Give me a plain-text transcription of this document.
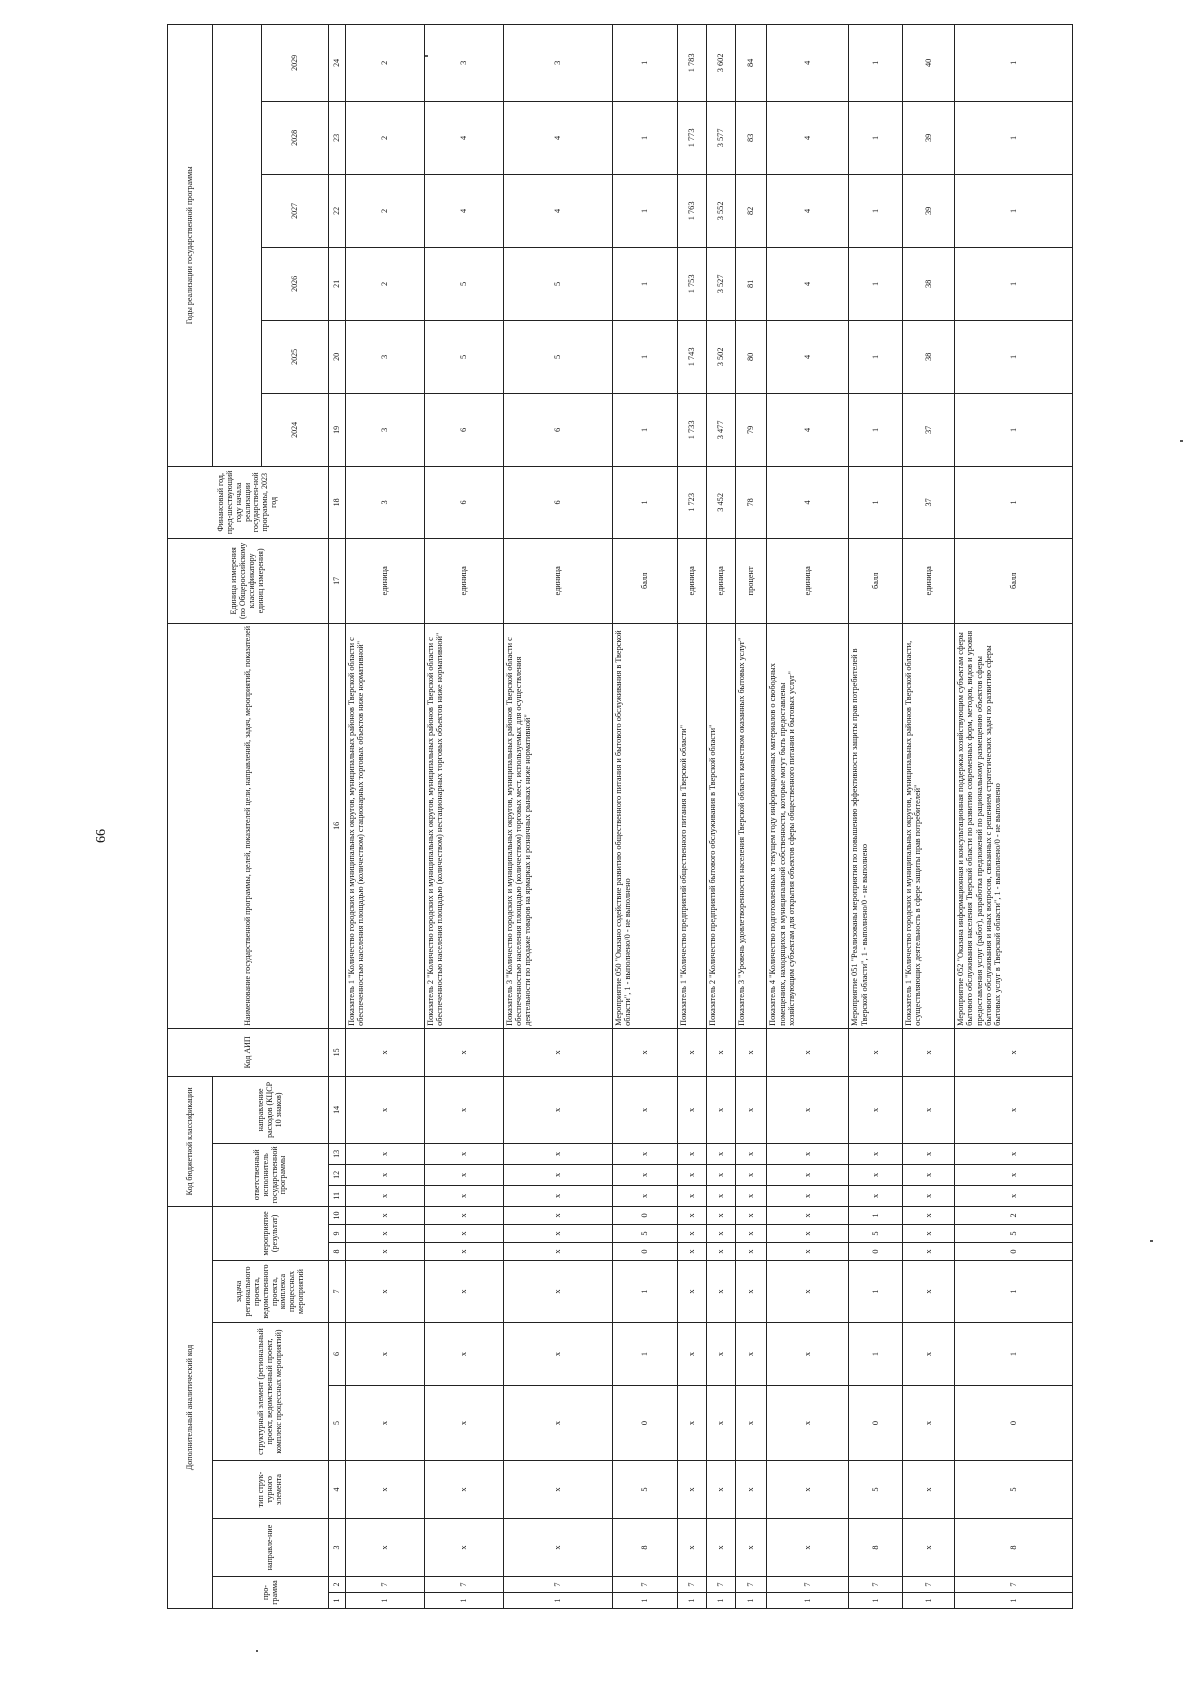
66
Дополнительный аналитический код										Код бюджетной классификации				Код АИП	Наименование государственной программы, целей, показателей цели, направлений, задач, мероприятий, показателей	Единица измерения (по Общероссийскому классификатору единиц измерения)	Финансовый год, пред-шествующий году начала реализации государствен-ной программы, 2023 год	Годы реализации государственной программы					
про-грамма		направле-ние	тип струк-турного элемента	структурный элемент (региональный проект, ведомственный проект, комплекс процессных мероприятий)		задача регионального проекта, ведомственного проекта, комплекса процессных мероприятий	мероприятие (результат)			ответственный исполнитель государственной программы			направление расходов (КЦСР 10 знаков)										
																		2024	2025	2026	2027	2028	2029
1	2	3	4	5	6	7	8	9	10	11	12	13	14	15	16	17	18	19	20	21	22	23	24
1	7	x	x	x	x	x	x	x	x	x	x	x	x	x	Показатель 1 "Количество городских и муниципальных округов, муниципальных районов Тверской области с обеспеченностью населения площадью (количеством) стационарных торговых объектов ниже нормативной"	единица	3	3	3	2	2	2	2
1	7	x	x	x	x	x	x	x	x	x	x	x	x	x	Показатель 2 "Количество городских и муниципальных округов, муниципальных районов Тверской области с обеспеченностью населения площадью (количеством) нестационарных торговых объектов ниже нормативной"	единица	6	6	5	5	4	4	3
1	7	x	x	x	x	x	x	x	x	x	x	x	x	x	Показатель 3 "Количество городских и муниципальных округов, муниципальных районов Тверской области с обеспеченностью населения площадью (количеством) торговых мест, используемых для осуществления деятельности по продаже товаров на ярмарках и розничных рынках ниже нормативной"	единица	6	6	5	5	4	4	3
1	7	8	5	0	1	1	0	5	0	x	x	x	x	x	Мероприятие 050 "Оказано содействие развитию общественного питания и бытового обслуживания в Тверской области", 1 - выполнено/0 - не выполнено	балл	1	1	1	1	1	1	1
1	7	x	x	x	x	x	x	x	x	x	x	x	x	x	Показатель 1 "Количество предприятий общественного питания в Тверской области"	единица	1 723	1 733	1 743	1 753	1 763	1 773	1 783
1	7	x	x	x	x	x	x	x	x	x	x	x	x	x	Показатель 2 "Количество предприятий бытового обслуживания в Тверской области"	единица	3 452	3 477	3 502	3 527	3 552	3 577	3 602
1	7	x	x	x	x	x	x	x	x	x	x	x	x	x	Показатель 3 "Уровень удовлетворенности населения Тверской области качеством оказанных бытовых услуг"	процент	78	79	80	81	82	83	84
1	7	x	x	x	x	x	x	x	x	x	x	x	x	x	Показатель 4 "Количество подготовленных в текущем году информационных материалов о свободных помещениях, находящихся в муниципальной собственности, которые могут быть предоставлены хозяйствующим субъектам для открытия объектов сферы общественного питания и бытовых услуг"	единица	4	4	4	4	4	4	4
1	7	8	5	0	1	1	0	5	1	x	x	x	x	x	Мероприятие 051 "Реализованы мероприятия по повышению эффективности защиты прав потребителей в Тверской области", 1 - выполнено/0 - не выполнено	балл	1	1	1	1	1	1	1
1	7	x	x	x	x	x	x	x	x	x	x	x	x	x	Показатель 1 "Количество городских и муниципальных округов, муниципальных районов Тверской области, осуществляющих деятельность в сфере защиты прав потребителей"	единица	37	37	38	38	39	39	40
1	7	8	5	0	1	1	0	5	2	x	x	x	x	x	Мероприятие 052 "Оказана информационная и консультационная поддержка хозяйствующим субъектам сферы бытового обслуживания населения Тверской области по развитию современных форм, методов, видов и уровня предоставления услуг (работ), разработка предложений по рациональному размещению объектов сферы бытового обслуживания и иных вопросов, связанных с решением стратегических задач по развитию сферы бытовых услуг в Тверской области", 1 - выполнено/0 - не выполнено	балл	1	1	1	1	1	1	1
